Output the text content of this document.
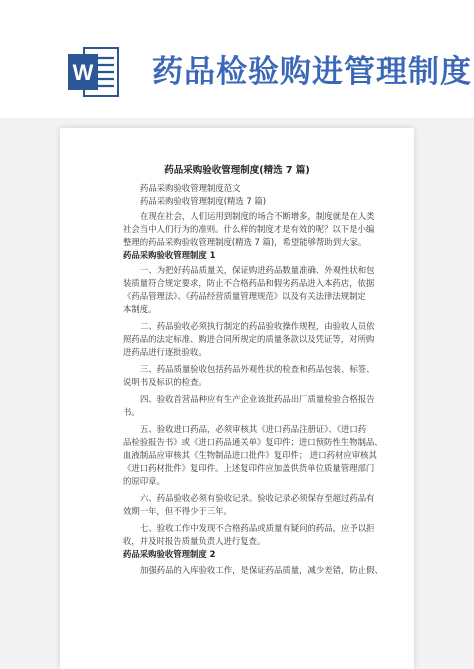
W 药品检验购进管理制度
药品采购验收管理制度(精选 7 篇)
药品采购验收管理制度范文
药品采购验收管理制度(精选 7 篇)
在现在社会，人们运用到制度的场合不断增多，制度就是在人类
社会当中人们行为的准则。什么样的制度才是有效的呢？以下是小编
整理的药品采购验收管理制度(精选 7 篇)，希望能够帮助到大家。
药品采购验收管理制度 1
一、为把好药品质量关，保证购进药品数量准确、外观性状和包
装质量符合规定要求，防止不合格药品和假劣药品进入本药店，依据
《药品管理法》、《药品经营质量管理规范》以及有关法律法规制定
本制度。
二、药品验收必须执行制定的药品验收操作规程，由验收人员依
照药品的法定标准、购进合同所规定的质量条款以及凭证等，对所购
进药品进行逐批验收。
三、药品质量验收包括药品外观性状的检查和药品包装、标签、
说明书及标识的检查。
四、验收首营品种应有生产企业该批药品出厂质量检验合格报告
书。
五、验收进口药品，必须审核其《进口药品注册证》、《进口药
品检验报告书》或《进口药品通关单》复印件；进口预防性生物制品、
血液制品应审核其《生物制品进口批件》复印件； 进口药材应审核其
《进口药材批件》复印件。上述复印件应加盖供货单位质量管理部门
的原印章。
六、药品验收必须有验收记录。验收记录必须保存至超过药品有
效期一年，但不得少于三年。
七、验收工作中发现不合格药品或质量有疑问的药品，应予以拒
收，并及时报告质量负责人进行复查。
药品采购验收管理制度 2
加强药品的入库验收工作，是保证药品质量，减少差错，防止假、
